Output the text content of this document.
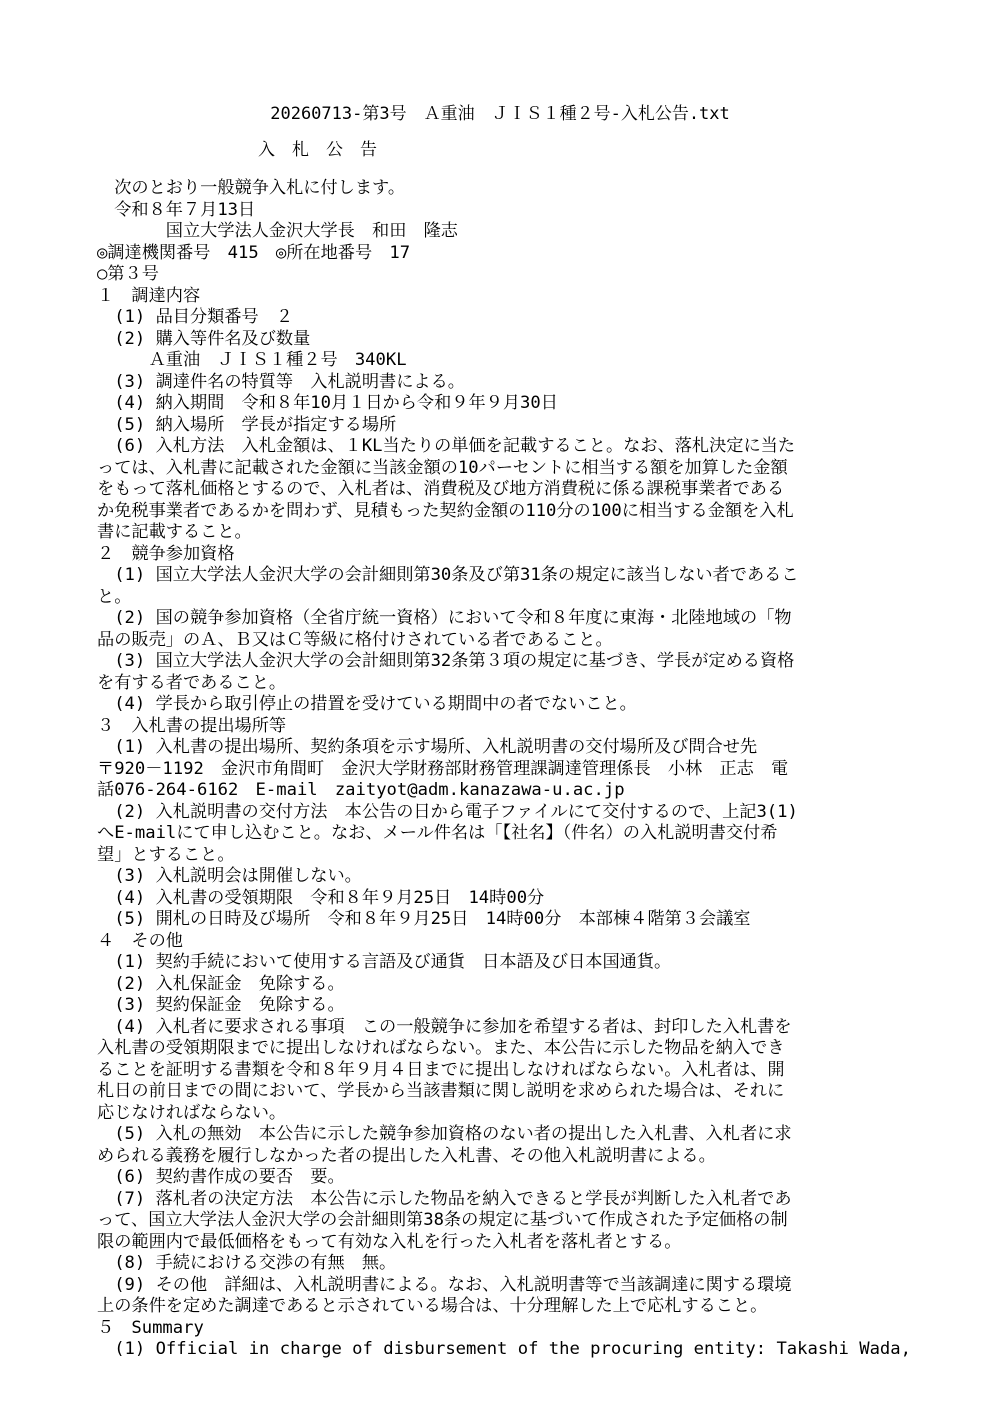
20260713-第3号　Ａ重油　ＪＩＳ１種２号-入札公告.txt
入　札　公　告
　次のとおり一般競争入札に付します。
　令和８年７月13日
　　　　国立大学法人金沢大学長　和田　隆志
◎調達機関番号　415　◎所在地番号　17
○第３号
１　調達内容
　(1) 品目分類番号　２
　(2) 購入等件名及び数量
　　　Ａ重油　ＪＩＳ１種２号　340KL
　(3) 調達件名の特質等　入札説明書による。
　(4) 納入期間　令和８年10月１日から令和９年９月30日
　(5) 納入場所　学長が指定する場所
　(6) 入札方法　入札金額は、１KL当たりの単価を記載すること。なお、落札決定に当た
っては、入札書に記載された金額に当該金額の10パーセントに相当する額を加算した金額
をもって落札価格とするので、入札者は、消費税及び地方消費税に係る課税事業者である
か免税事業者であるかを問わず、見積もった契約金額の110分の100に相当する金額を入札
書に記載すること。
２　競争参加資格
　(1) 国立大学法人金沢大学の会計細則第30条及び第31条の規定に該当しない者であるこ
と。
　(2) 国の競争参加資格（全省庁統一資格）において令和８年度に東海・北陸地域の「物
品の販売」のＡ、Ｂ又はＣ等級に格付けされている者であること。
　(3) 国立大学法人金沢大学の会計細則第32条第３項の規定に基づき、学長が定める資格
を有する者であること。
　(4) 学長から取引停止の措置を受けている期間中の者でないこと。
３　入札書の提出場所等
　(1) 入札書の提出場所、契約条項を示す場所、入札説明書の交付場所及び問合せ先
〒920－1192　金沢市角間町　金沢大学財務部財務管理課調達管理係長　小林　正志　電
話076-264-6162　E-mail　zaityot@adm.kanazawa-u.ac.jp
　(2) 入札説明書の交付方法　本公告の日から電子ファイルにて交付するので、上記3(1)
へE-mailにて申し込むこと。なお、メール件名は「【社名】（件名）の入札説明書交付希
望」とすること。
　(3) 入札説明会は開催しない。
　(4) 入札書の受領期限　令和８年９月25日　14時00分
　(5) 開札の日時及び場所　令和８年９月25日　14時00分　本部棟４階第３会議室
４　その他
　(1) 契約手続において使用する言語及び通貨　日本語及び日本国通貨。
　(2) 入札保証金　免除する。
　(3) 契約保証金　免除する。
　(4) 入札者に要求される事項　この一般競争に参加を希望する者は、封印した入札書を
入札書の受領期限までに提出しなければならない。また、本公告に示した物品を納入でき
ることを証明する書類を令和８年９月４日までに提出しなければならない。入札者は、開
札日の前日までの間において、学長から当該書類に関し説明を求められた場合は、それに
応じなければならない。
　(5) 入札の無効　本公告に示した競争参加資格のない者の提出した入札書、入札者に求
められる義務を履行しなかった者の提出した入札書、その他入札説明書による。
　(6) 契約書作成の要否　要。
　(7) 落札者の決定方法　本公告に示した物品を納入できると学長が判断した入札者であ
って、国立大学法人金沢大学の会計細則第38条の規定に基づいて作成された予定価格の制
限の範囲内で最低価格をもって有効な入札を行った入札者を落札者とする。
　(8) 手続における交渉の有無　無。
　(9) その他　詳細は、入札説明書による。なお、入札説明書等で当該調達に関する環境
上の条件を定めた調達であると示されている場合は、十分理解した上で応札すること。
５　Summary
　(1) Official in charge of disbursement of the procuring entity: Takashi Wada,
